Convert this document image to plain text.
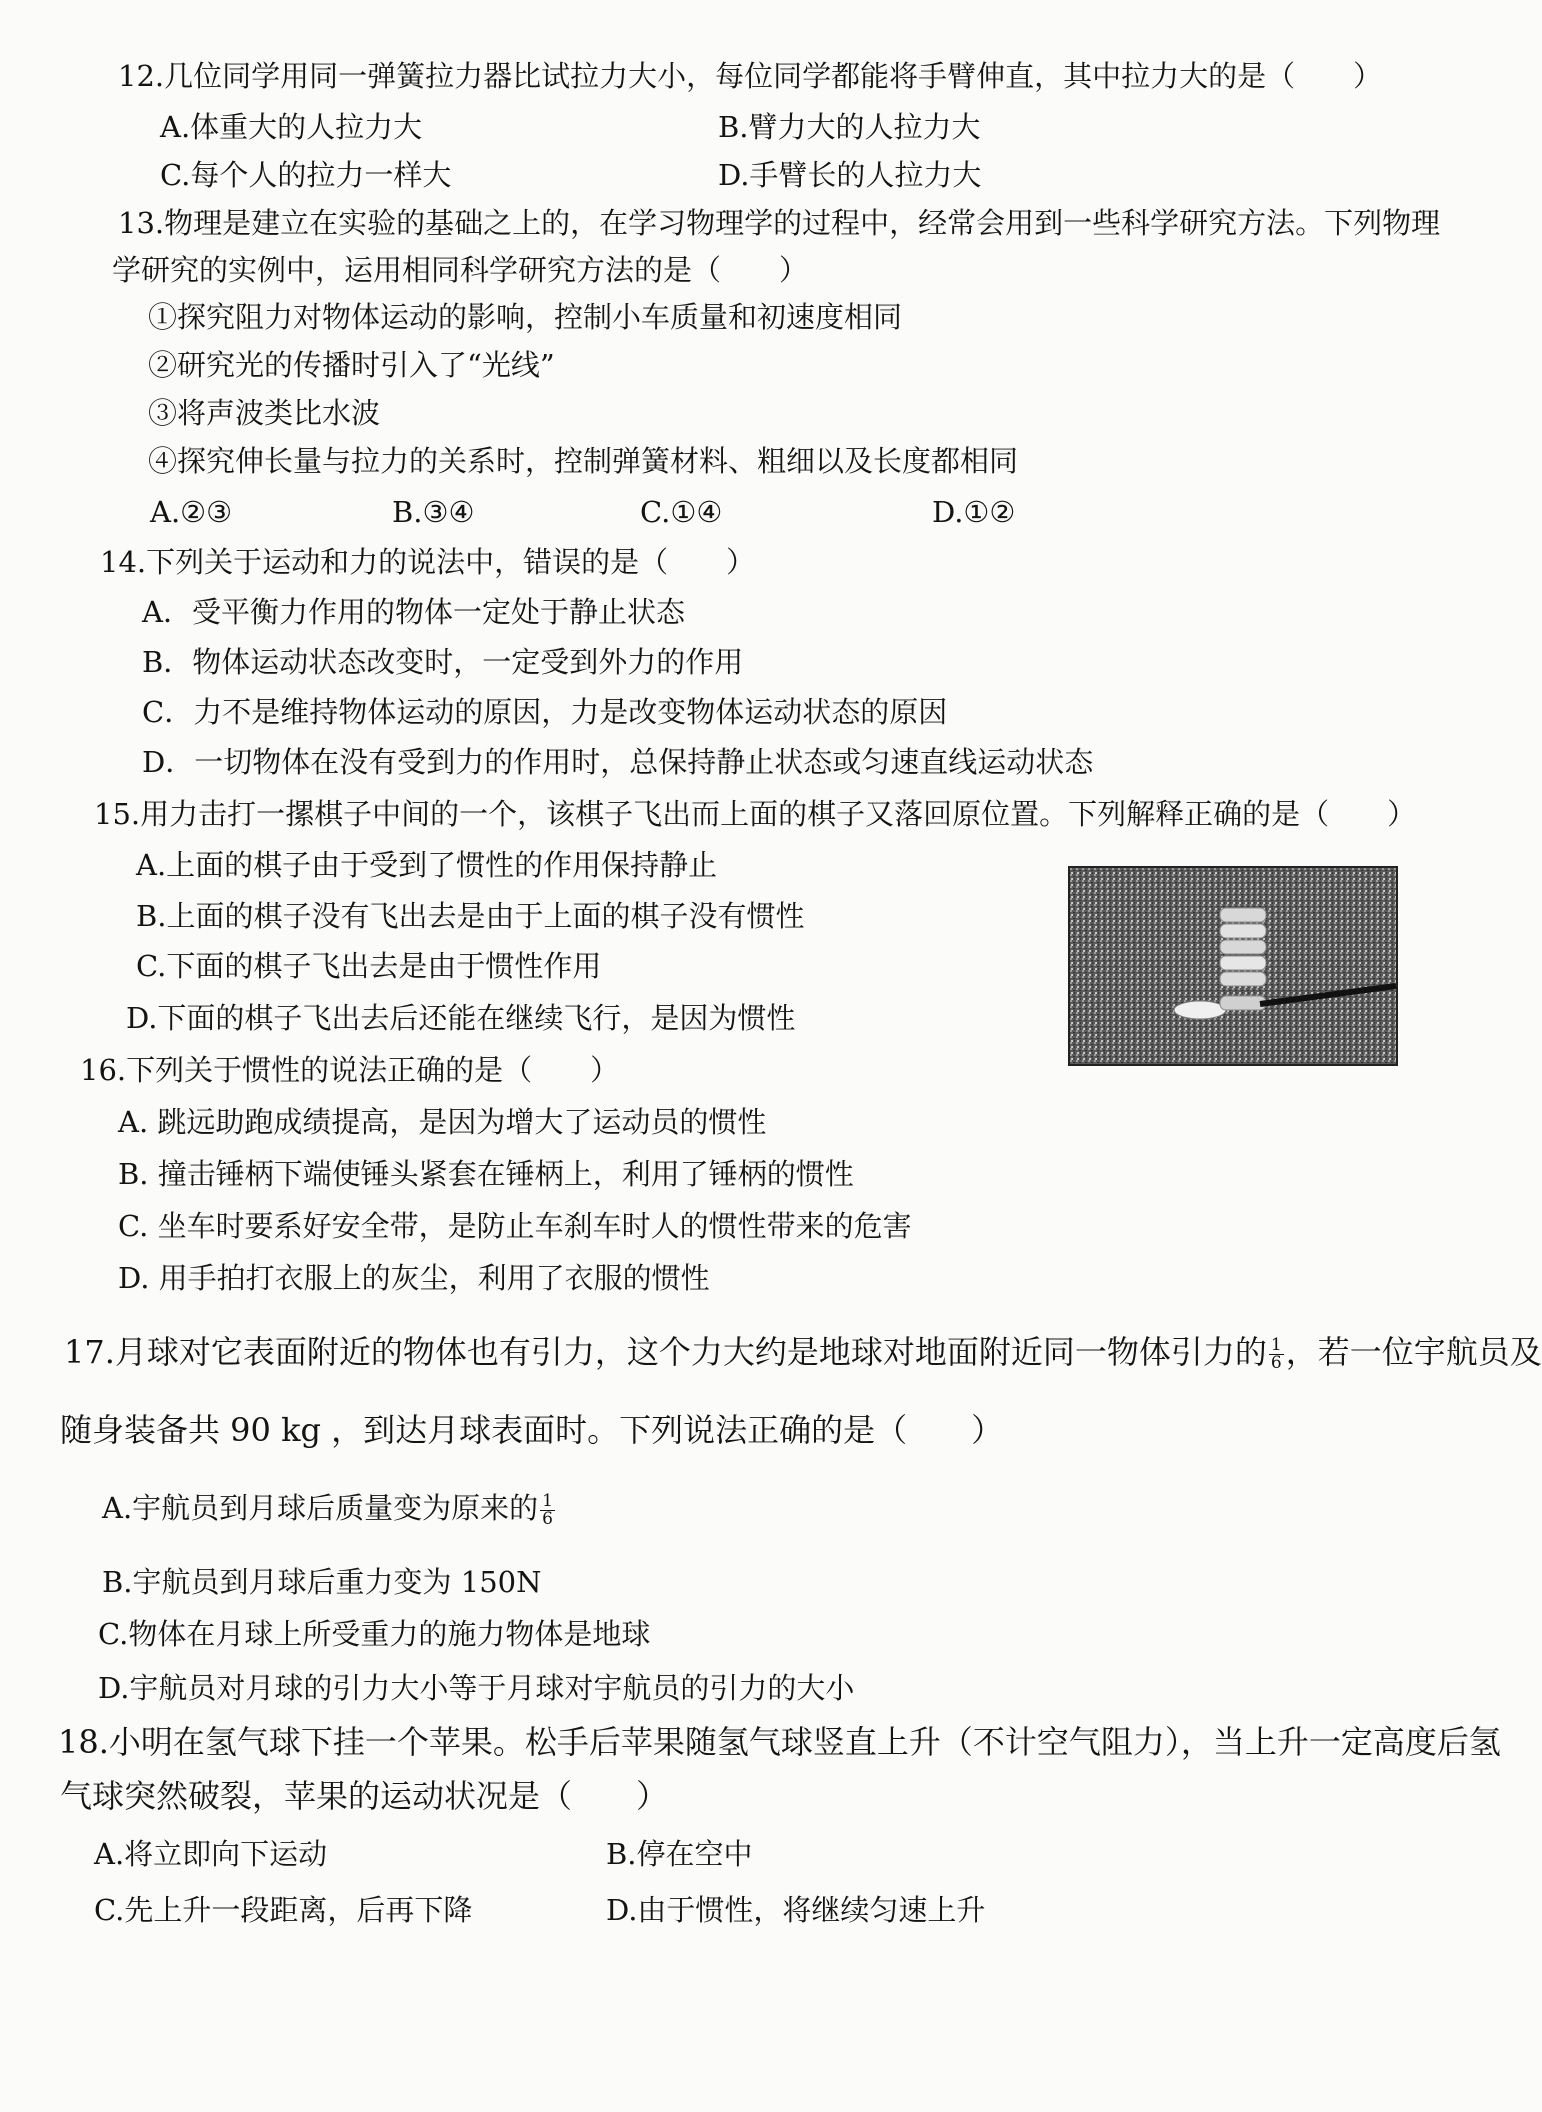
12.几位同学用同一弹簧拉力器比试拉力大小，每位同学都能将手臂伸直，其中拉力大的是（　　）
A.体重大的人拉力大	B.臂力大的人拉力大
C.每个人的拉力一样大	D.手臂长的人拉力大
13.物理是建立在实验的基础之上的，在学习物理学的过程中，经常会用到一些科学研究方法。下列物理
学研究的实例中，运用相同科学研究方法的是（　　）
①探究阻力对物体运动的影响，控制小车质量和初速度相同
②研究光的传播时引入了“光线”
③将声波类比水波
④探究伸长量与拉力的关系时，控制弹簧材料、粗细以及长度都相同
A.②③	B.③④	C.①④	D.①②
14.下列关于运动和力的说法中，错误的是（　　）
A．受平衡力作用的物体一定处于静止状态
B．物体运动状态改变时，一定受到外力的作用
C．力不是维持物体运动的原因，力是改变物体运动状态的原因
D．一切物体在没有受到力的作用时，总保持静止状态或匀速直线运动状态
15.用力击打一摞棋子中间的一个，该棋子飞出而上面的棋子又落回原位置。下列解释正确的是（　　）
A.上面的棋子由于受到了惯性的作用保持静止
B.上面的棋子没有飞出去是由于上面的棋子没有惯性
C.下面的棋子飞出去是由于惯性作用
D.下面的棋子飞出去后还能在继续飞行，是因为惯性
16.下列关于惯性的说法正确的是（　　）
A. 跳远助跑成绩提高，是因为增大了运动员的惯性
B. 撞击锤柄下端使锤头紧套在锤柄上，利用了锤柄的惯性
C. 坐车时要系好安全带，是防止车刹车时人的惯性带来的危害
D. 用手拍打衣服上的灰尘，利用了衣服的惯性
17.月球对它表面附近的物体也有引力，这个力大约是地球对地面附近同一物体引力的 $\frac{1}{6}$ ，若一位宇航员及
随身装备共 90 kg ，到达月球表面时。下列说法正确的是（　　）
A.宇航员到月球后质量变为原来的 $\frac{1}{6}$
B.宇航员到月球后重力变为 150N
C.物体在月球上所受重力的施力物体是地球
D.宇航员对月球的引力大小等于月球对宇航员的引力的大小
18.小明在氢气球下挂一个苹果。松手后苹果随氢气球竖直上升（不计空气阻力），当上升一定高度后氢
气球突然破裂，苹果的运动状况是（　　）
A.将立即向下运动	B.停在空中
C.先上升一段距离，后再下降	D.由于惯性，将继续匀速上升
